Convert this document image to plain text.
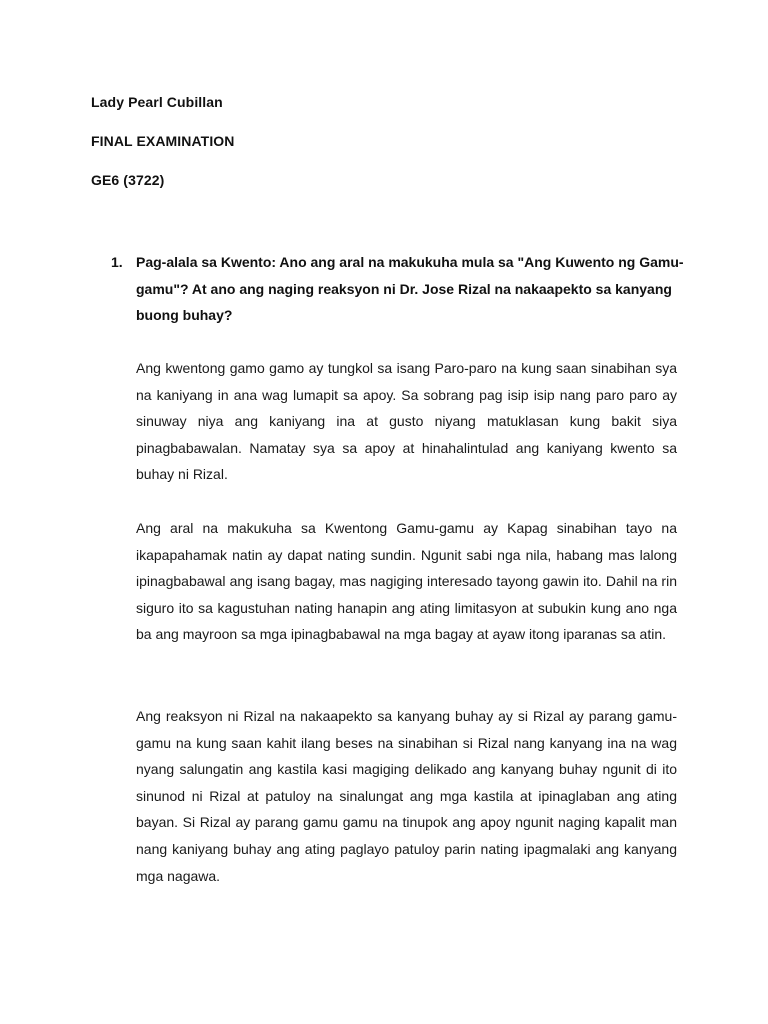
Lady Pearl Cubillan

FINAL EXAMINATION

GE6 (3722)

1. Pag-alala sa Kwento: Ano ang aral na makukuha mula sa "Ang Kuwento ng Gamu-gamu"? At ano ang naging reaksyon ni Dr. Jose Rizal na nakaapekto sa kanyang buong buhay?

Ang kwentong gamo gamo ay tungkol sa isang Paro-paro na kung saan sinabihan sya na kaniyang in ana wag lumapit sa apoy. Sa sobrang pag isip isip nang paro paro ay sinuway niya ang kaniyang ina at gusto niyang matuklasan kung bakit siya pinagbabawalan. Namatay sya sa apoy at hinahalintulad ang kaniyang kwento sa buhay ni Rizal.

Ang aral na makukuha sa Kwentong Gamu-gamu ay Kapag sinabihan tayo na ikapapahamak natin ay dapat nating sundin. Ngunit sabi nga nila, habang mas lalong ipinagbabawal ang isang bagay, mas nagiging interesado tayong gawin ito. Dahil na rin siguro ito sa kagustuhan nating hanapin ang ating limitasyon at subukin kung ano nga ba ang mayroon sa mga ipinagbabawal na mga bagay at ayaw itong iparanas sa atin.

Ang reaksyon ni Rizal na nakaapekto sa kanyang buhay ay si Rizal ay parang gamu-gamu na kung saan kahit ilang beses na sinabihan si Rizal nang kanyang ina na wag nyang salungatin ang kastila kasi magiging delikado ang kanyang buhay ngunit di ito sinunod ni Rizal at patuloy na sinalungat ang mga kastila at ipinaglaban ang ating bayan. Si Rizal ay parang gamu gamu na tinupok ang apoy ngunit naging kapalit man nang kaniyang buhay ang ating paglayo patuloy parin nating ipagmalaki ang kanyang mga nagawa.
